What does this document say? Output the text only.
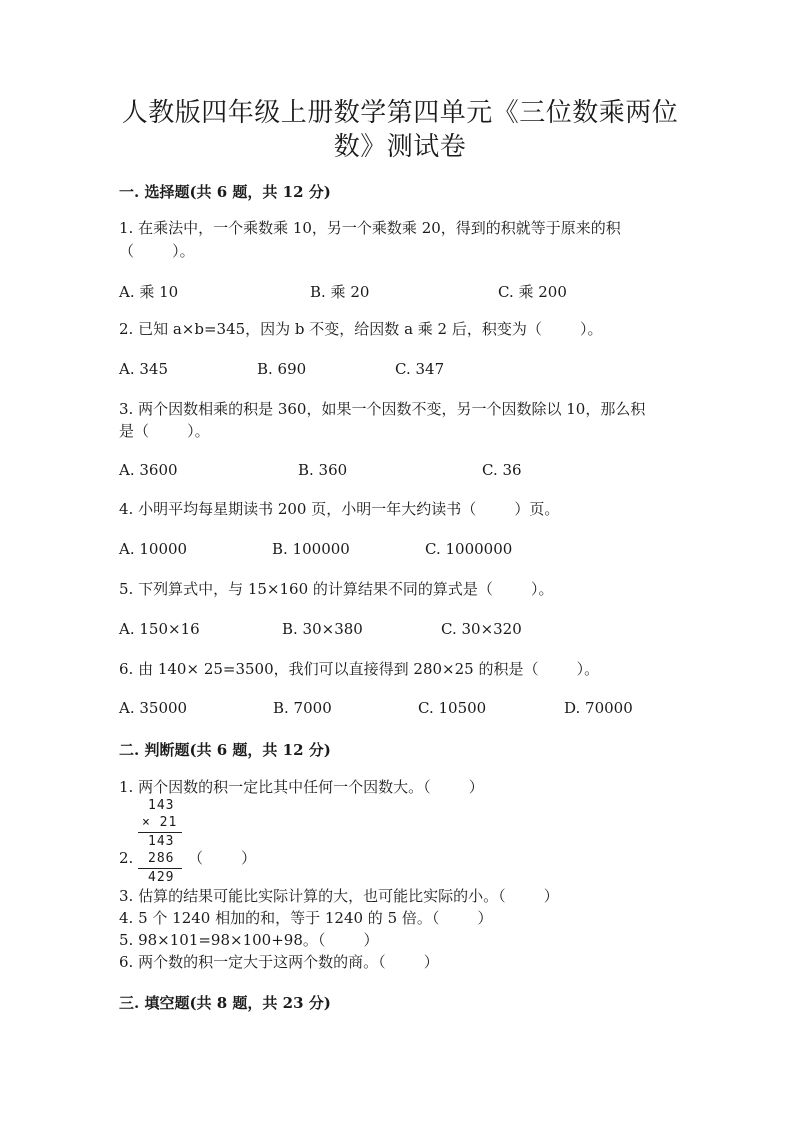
人教版四年级上册数学第四单元《三位数乘两位
数》测试卷
一. 选择题(共 6 题，共 12 分)
1. 在乘法中，一个乘数乘 10，另一个乘数乘 20，得到的积就等于原来的积
（        ）。
A. 乘 10	B. 乘 20	C. 乘 200
2. 已知 a×b=345，因为 b 不变，给因数 a 乘 2 后，积变为（        ）。
A. 345	B. 690	C. 347
3. 两个因数相乘的积是 360，如果一个因数不变，另一个因数除以 10，那么积
是（        ）。
A. 3600	B. 360	C. 36
4. 小明平均每星期读书 200 页，小明一年大约读书（        ）页。
A. 10000	B. 100000	C. 1000000
5. 下列算式中，与 15×160 的计算结果不同的算式是（        ）。
A. 150×16	B. 30×380	C. 30×320
6. 由 140× 25=3500，我们可以直接得到 280×25 的积是（        ）。
A. 35000	B. 7000	C. 10500	D. 70000
二. 判断题(共 6 题，共 12 分)
1. 两个因数的积一定比其中任何一个因数大。（        ）
143
× 21
143
286
429
2.	（        ）
3. 估算的结果可能比实际计算的大，也可能比实际的小。（        ）
4. 5 个 1240 相加的和，等于 1240 的 5 倍。（        ）
5. 98×101=98×100+98。（        ）
6. 两个数的积一定大于这两个数的商。（        ）
三. 填空题(共 8 题，共 23 分)
